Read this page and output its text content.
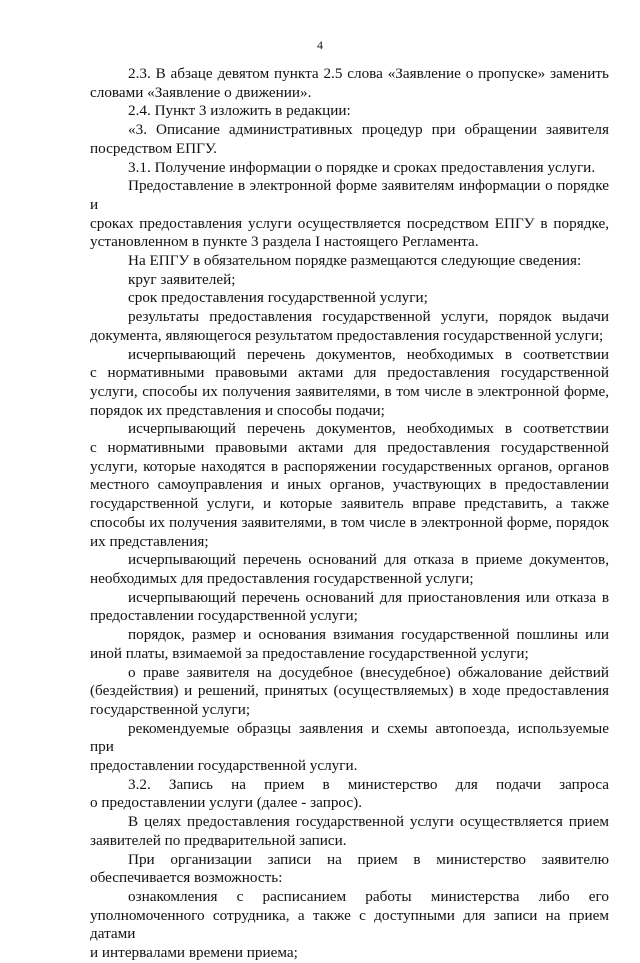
4

2.3. В абзаце девятом пункта 2.5 слова «Заявление о пропуске» заменить
словами «Заявление о движении».

2.4. Пункт 3 изложить в редакции:

«3. Описание административных процедур при обращении заявителя
посредством ЕПГУ.

3.1. Получение информации о порядке и сроках предоставления услуги.

Предоставление в электронной форме заявителям информации о порядке и
сроках предоставления услуги осуществляется посредством ЕПГУ в порядке,
установленном в пункте 3 раздела I настоящего Регламента.

На ЕПГУ в обязательном порядке размещаются следующие сведения:

круг заявителей;

срок предоставления государственной услуги;

результаты предоставления государственной услуги, порядок выдачи
документа, являющегося результатом предоставления государственной услуги;

исчерпывающий перечень документов, необходимых в соответствии
с нормативными правовыми актами для предоставления государственной
услуги, способы их получения заявителями, в том числе в электронной форме,
порядок их представления и способы подачи;

исчерпывающий перечень документов, необходимых в соответствии
с нормативными правовыми актами для предоставления государственной
услуги, которые находятся в распоряжении государственных органов, органов
местного самоуправления и иных органов, участвующих в предоставлении
государственной услуги, и которые заявитель вправе представить, а также
способы их получения заявителями, в том числе в электронной форме, порядок
их представления;

исчерпывающий перечень оснований для отказа в приеме документов,
необходимых для предоставления государственной услуги;

исчерпывающий перечень оснований для приостановления или отказа в
предоставлении государственной услуги;

порядок, размер и основания взимания государственной пошлины или
иной платы, взимаемой за предоставление государственной услуги;

о праве заявителя на досудебное (внесудебное) обжалование действий
(бездействия) и решений, принятых (осуществляемых) в ходе предоставления
государственной услуги;

рекомендуемые образцы заявления и схемы автопоезда, используемые при
предоставлении государственной услуги.

3.2. Запись на прием в министерство для подачи запроса
о предоставлении услуги (далее - запрос).

В целях предоставления государственной услуги осуществляется прием
заявителей по предварительной записи.

При организации записи на прием в министерство заявителю
обеспечивается возможность:

ознакомления с расписанием работы министерства либо его
уполномоченного сотрудника, а также с доступными для записи на прием датами
и интервалами времени приема;
